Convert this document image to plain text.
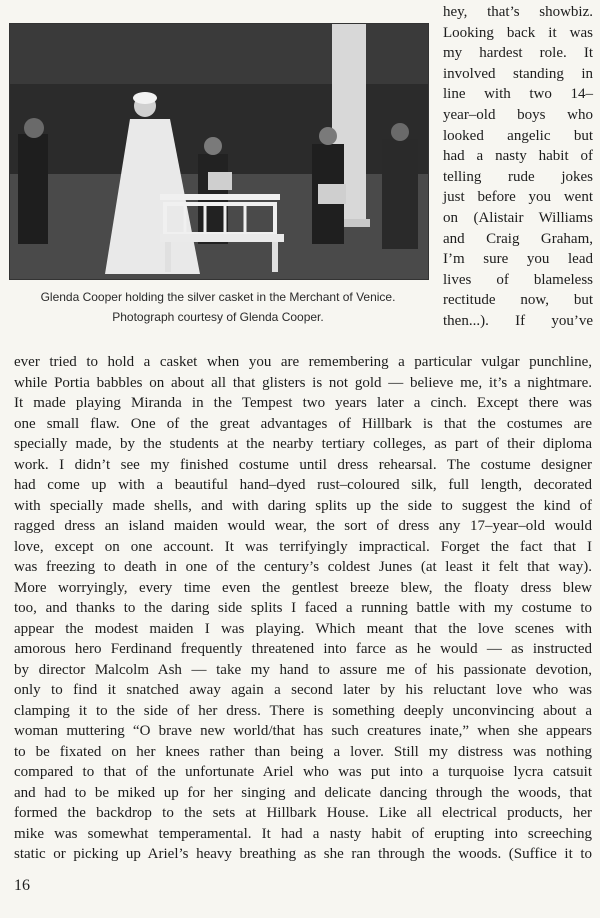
Glenda Cooper holding the silver casket in the Merchant of Venice.
Photograph courtesy of Glenda Cooper.
hey, that’s showbiz.
Looking back it was
my hardest role. It
involved standing in
line with two 14–
year–old boys who
looked angelic but
had a nasty habit of
telling rude jokes
just before you went
on (Alistair Williams
and Craig Graham,
I’m sure you lead
lives of blameless
rectitude now, but
then...). If you’ve
ever tried to hold a casket when you are remembering a particular vulgar punchline,
while Portia babbles on about all that glisters is not gold — believe me, it’s a nightmare.
It made playing Miranda in the Tempest two years later a cinch. Except there was
one small flaw. One of the great advantages of Hillbark is that the costumes are
specially made, by the students at the nearby tertiary colleges, as part of their diploma
work. I didn’t see my finished costume until dress rehearsal. The costume designer
had come up with a beautiful hand–dyed rust–coloured silk, full length, decorated
with specially made shells, and with daring splits up the side to suggest the kind of
ragged dress an island maiden would wear, the sort of dress any 17–year–old would
love, except on one account. It was terrifyingly impractical. Forget the fact that I
was freezing to death in one of the century’s coldest Junes (at least it felt that way).
More worryingly, every time even the gentlest breeze blew, the floaty dress blew
too, and thanks to the daring side splits I faced a running battle with my costume to
appear the modest maiden I was playing. Which meant that the love scenes with
amorous hero Ferdinand frequently threatened into farce as he would — as instructed
by director Malcolm Ash — take my hand to assure me of his passionate devotion,
only to find it snatched away again a second later by his reluctant love who was
clamping it to the side of her dress. There is something deeply unconvincing about a
woman muttering “O brave new world/that has such creatures inate,” when she appears
to be fixated on her knees rather than being a lover. Still my distress was nothing
compared to that of the unfortunate Ariel who was put into a turquoise lycra catsuit
and had to be miked up for her singing and delicate dancing through the woods, that
formed the backdrop to the sets at Hillbark House. Like all electrical products, her
mike was somewhat temperamental. It had a nasty habit of erupting into screeching
static or picking up Ariel’s heavy breathing as she ran through the woods. (Suffice it to
16
